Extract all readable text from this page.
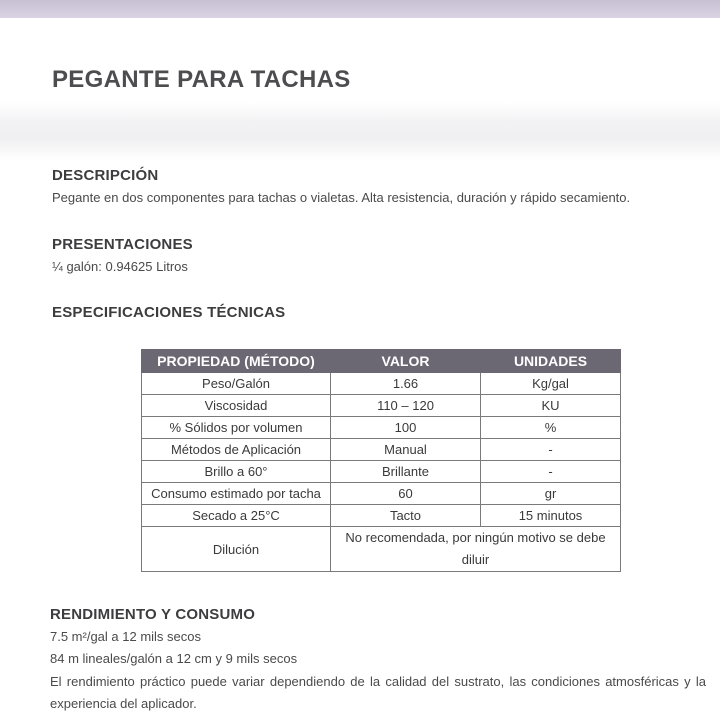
PEGANTE PARA TACHAS
DESCRIPCIÓN

Pegante en dos componentes para tachas o vialetas. Alta resistencia, duración y rápido secamiento.

PRESENTACIONES

¼ galón: 0.94625 Litros

ESPECIFICACIONES TÉCNICAS
PROPIEDAD (MÉTODO)	VALOR	UNIDADES
Peso/Galón	1.66	Kg/gal
Viscosidad	110 – 120	KU
% Sólidos por volumen	100	%
Métodos de Aplicación	Manual	-
Brillo a 60°	Brillante	-
Consumo estimado por tacha	60	gr
Secado a 25°C	Tacto	15 minutos
Dilución	No recomendada, por ningún motivo se debe diluir	
RENDIMIENTO Y CONSUMO

7.5 m²/gal a 12 mils secos

84 m lineales/galón a 12 cm y 9 mils secos

El rendimiento práctico puede variar dependiendo de la calidad del sustrato, las condiciones atmosféricas y la experiencia del aplicador.
